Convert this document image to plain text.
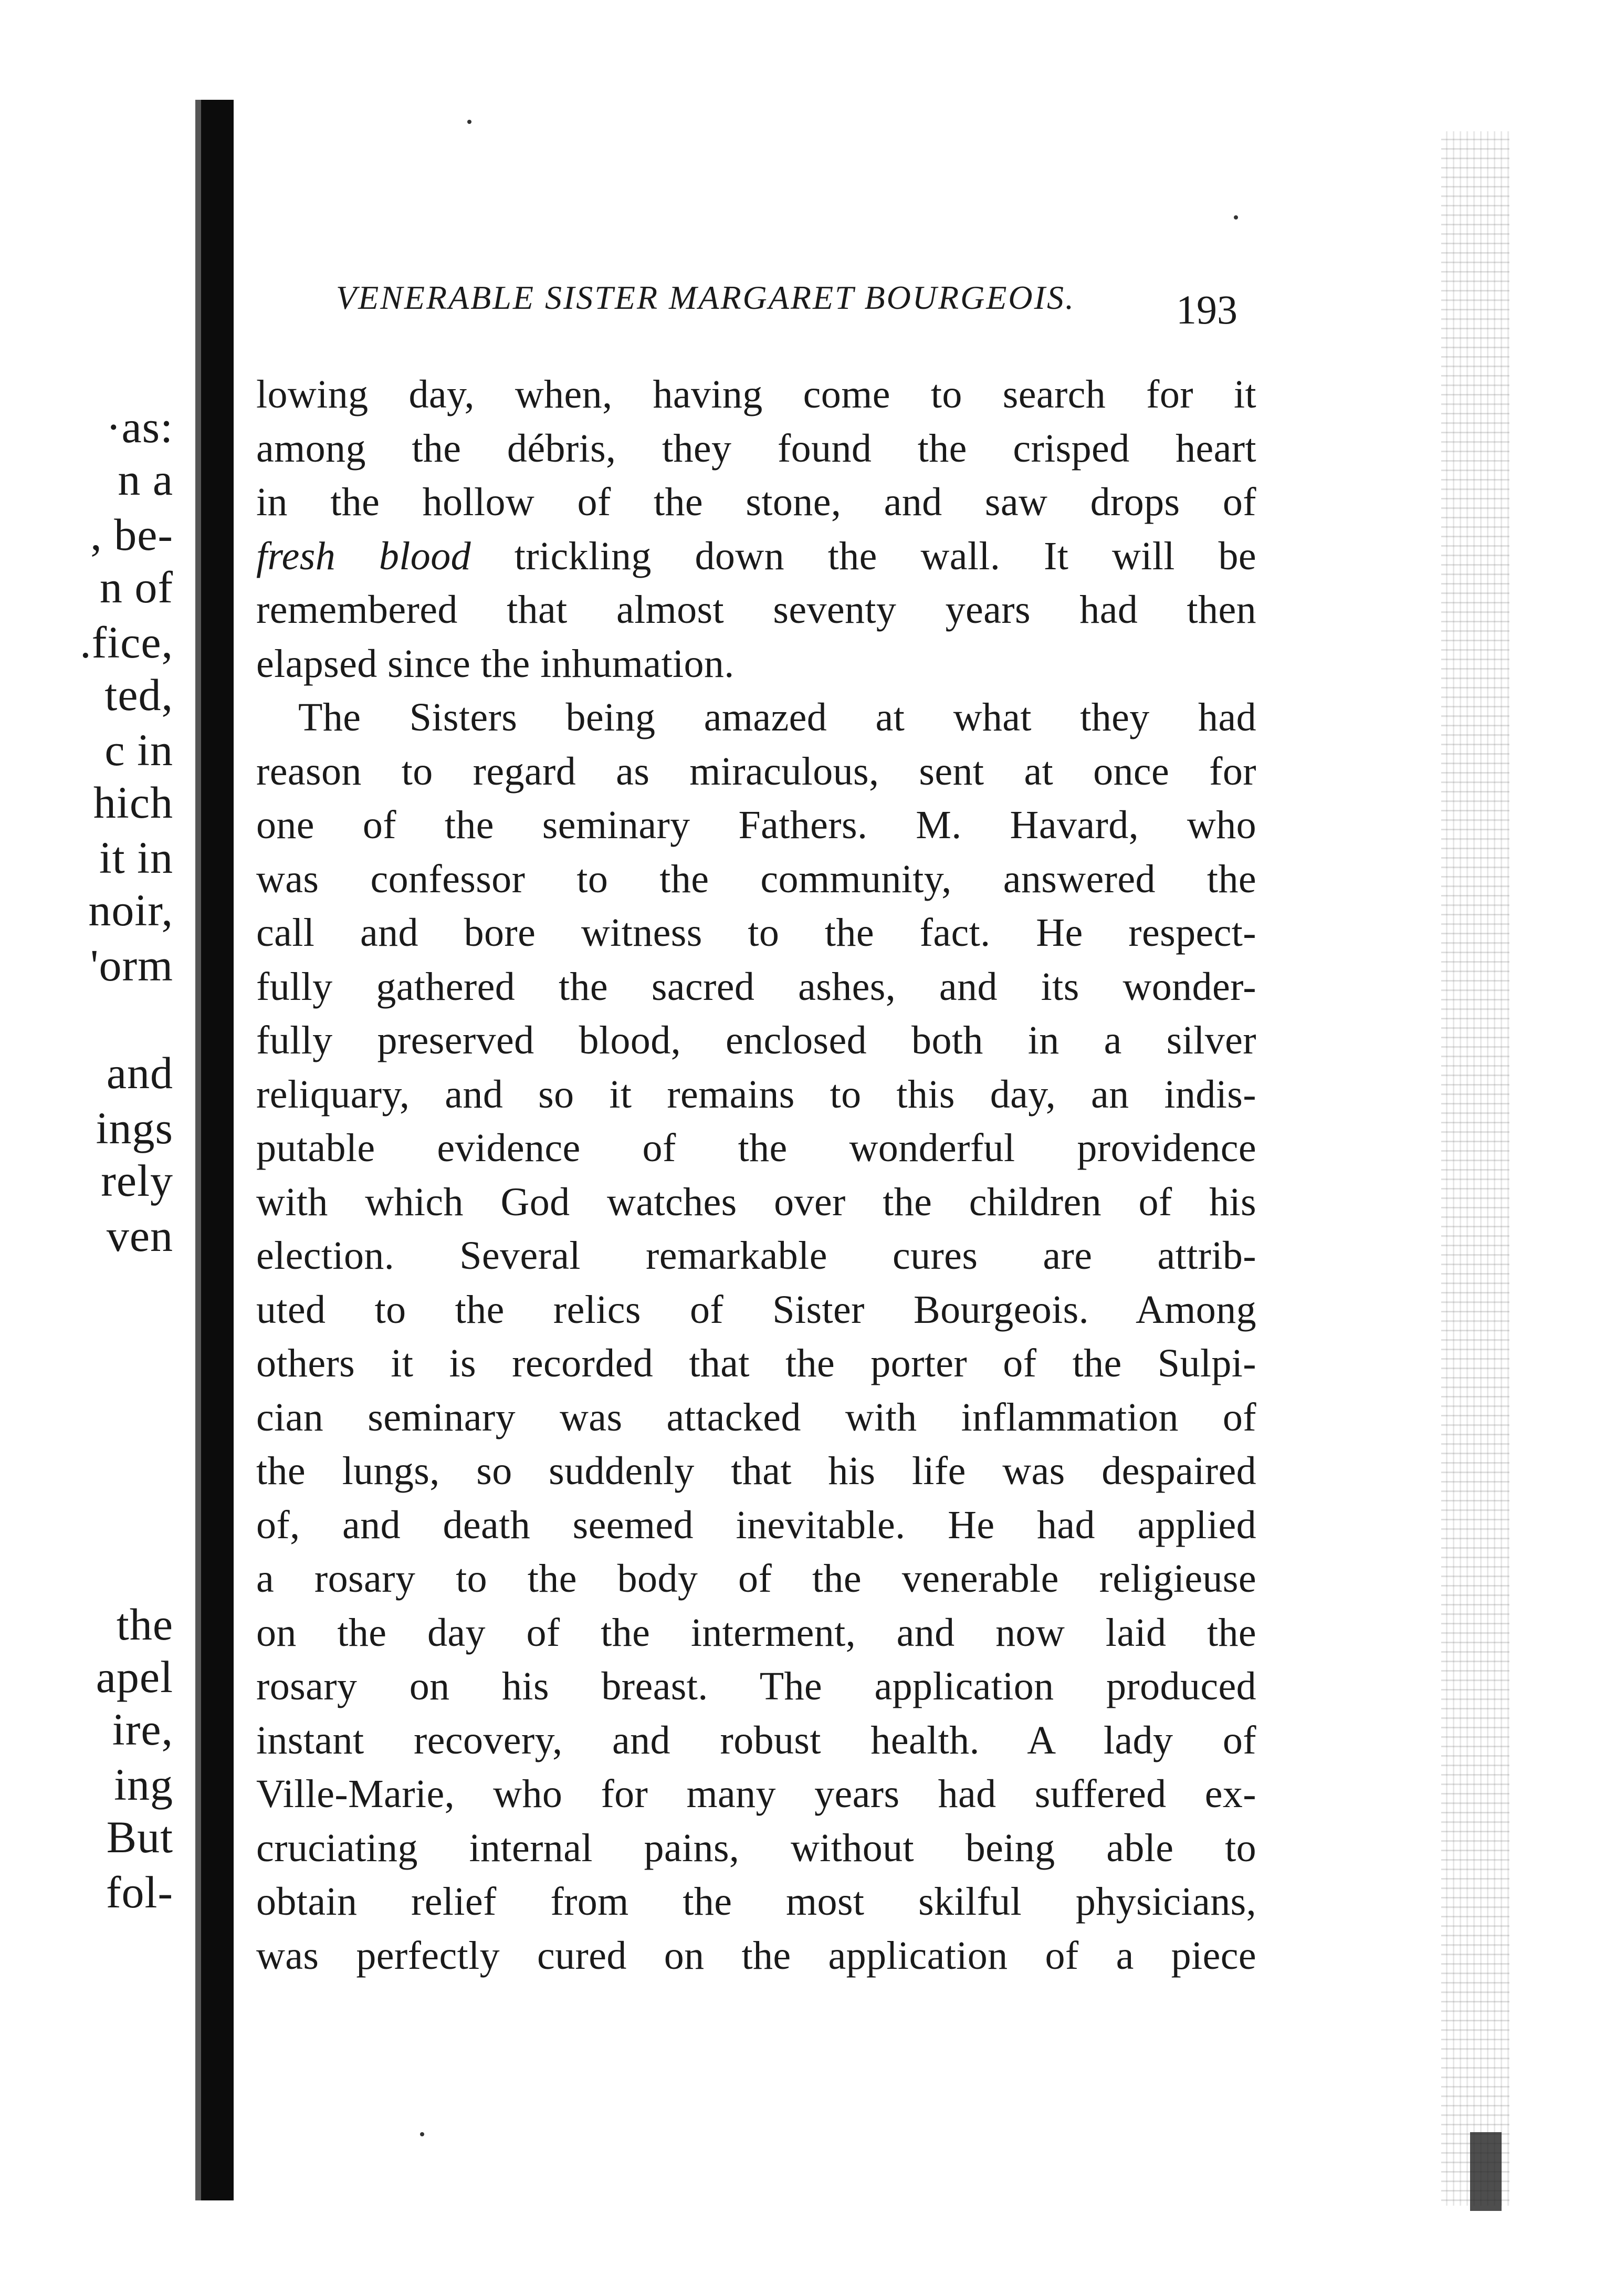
·as:
n a
, be-
n of
.fice,
ted,
c in
hich
it in
noir,
'orm
and
ings
rely
ven
the
apel
ire,
ing
But
fol-
VENERABLE SISTER MARGARET BOURGEOIS.	193
lowing day, when, having come to search for it
among the débris, they found the crisped heart
in the hollow of the stone, and saw drops of
fresh blood trickling down the wall. It will be
remembered that almost seventy years had then
elapsed since the inhumation.
The Sisters being amazed at what they had
reason to regard as miraculous, sent at once for
one of the seminary Fathers. M. Havard, who
was confessor to the community, answered the
call and bore witness to the fact. He respect-
fully gathered the sacred ashes, and its wonder-
fully preserved blood, enclosed both in a silver
reliquary, and so it remains to this day, an indis-
putable evidence of the wonderful providence
with which God watches over the children of his
election. Several remarkable cures are attrib-
uted to the relics of Sister Bourgeois. Among
others it is recorded that the porter of the Sulpi-
cian seminary was attacked with inflammation of
the lungs, so suddenly that his life was despaired
of, and death seemed inevitable. He had applied
a rosary to the body of the venerable religieuse
on the day of the interment, and now laid the
rosary on his breast. The application produced
instant recovery, and robust health. A lady of
Ville-Marie, who for many years had suffered ex-
cruciating internal pains, without being able to
obtain relief from the most skilful physicians,
was perfectly cured on the application of a piece
